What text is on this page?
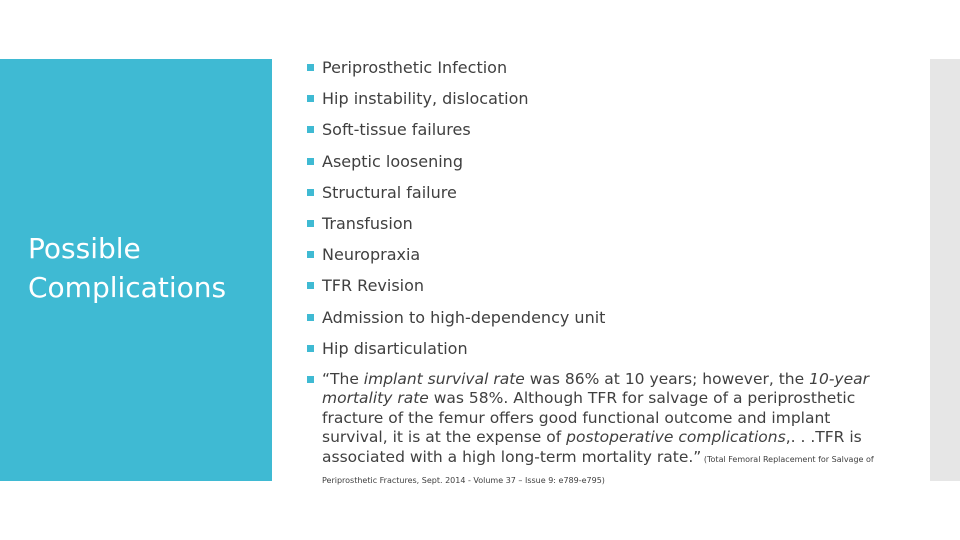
Possible Complications
Periprosthetic Infection
Hip instability, dislocation
Soft-tissue failures
Aseptic loosening
Structural failure
Transfusion
Neuropraxia
TFR Revision
Admission to high-dependency unit
Hip disarticulation
“The implant survival rate was 86% at 10 years; however, the 10-year mortality rate was 58%. Although TFR for salvage of a periprosthetic fracture of the femur offers good functional outcome and implant survival, it is at the expense of postoperative complications,. . .TFR is associated with a high long-term mortality rate.” (Total Femoral Replacement for Salvage of Periprosthetic Fractures, Sept. 2014 - Volume 37 – Issue 9: e789-e795)
